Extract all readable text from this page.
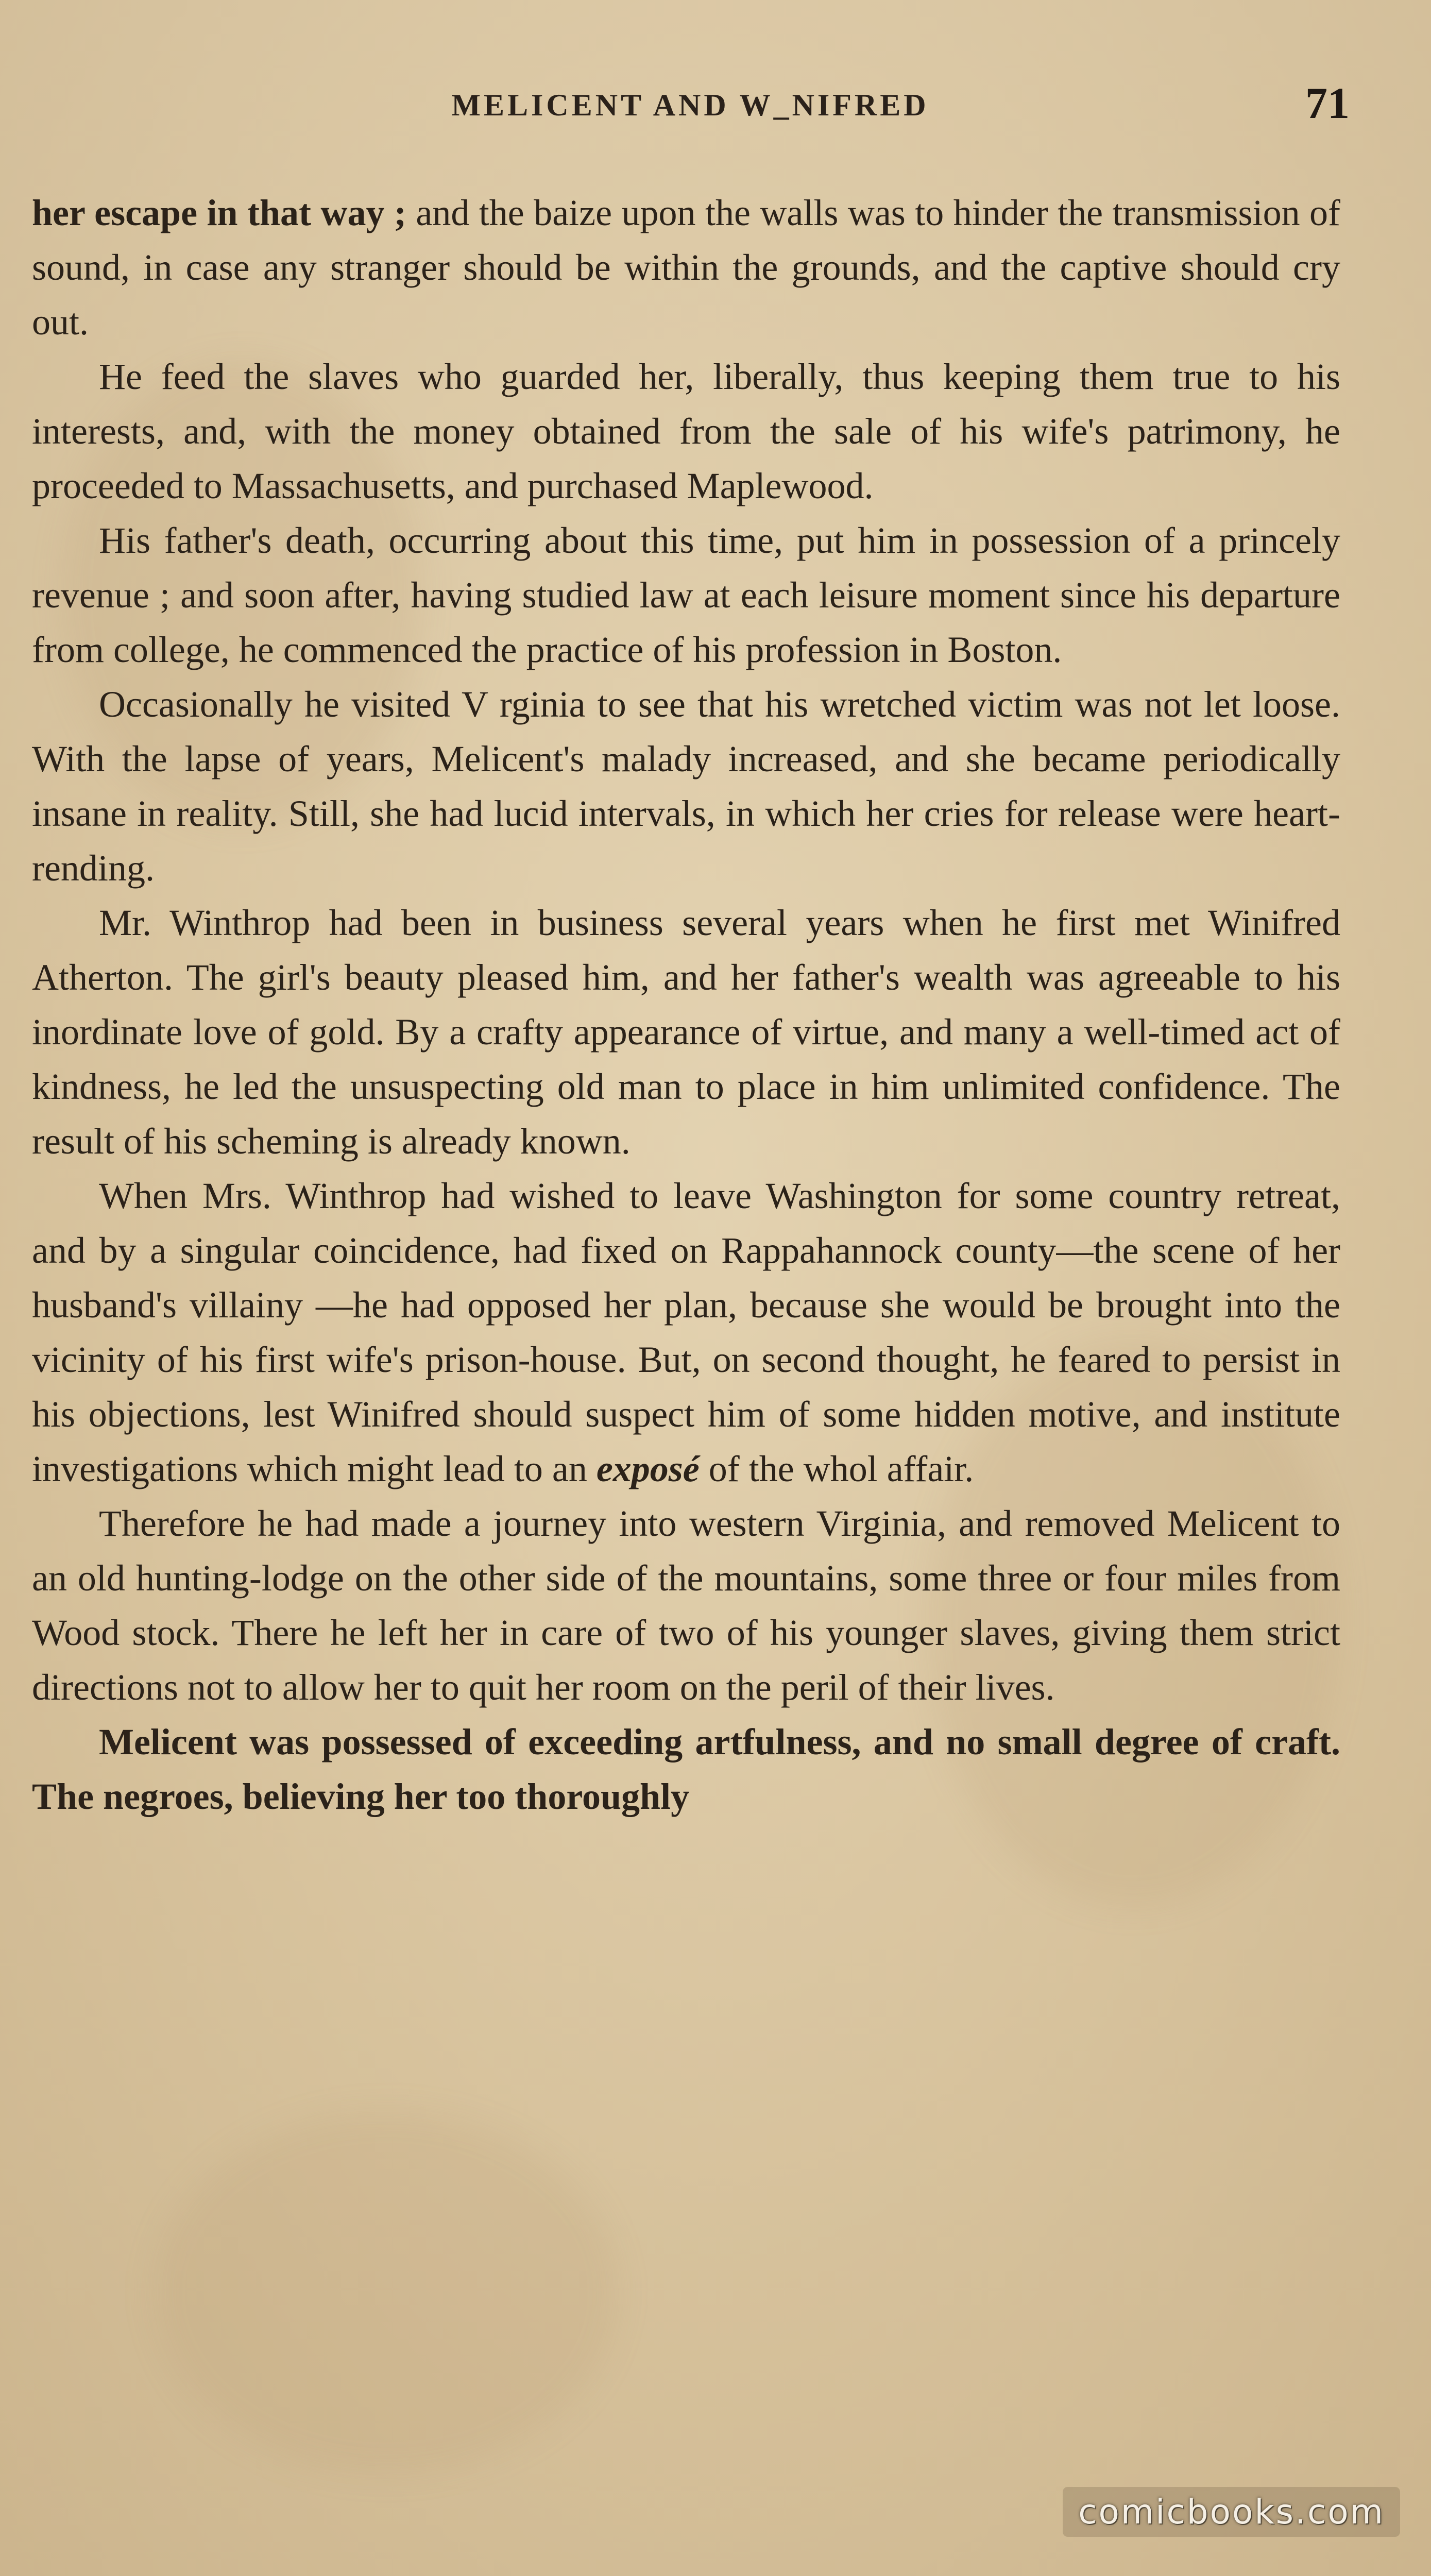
MELICENT AND W_NIFRED	71

her escape in that way ; and the baize upon the walls was to hinder the transmission of sound, in case any stranger should be within the grounds, and the captive should cry out.

He feed the slaves who guarded her, liberally, thus keeping them true to his interests, and, with the money obtained from the sale of his wife's patrimony, he proceeded to Massachusetts, and purchased Maplewood.

His father's death, occurring about this time, put him in possession of a princely revenue ; and soon after, having studied law at each leisure moment since his departure from college, he commenced the practice of his profession in Boston.

Occasionally he visited V rginia to see that his wretched victim was not let loose. With the lapse of years, Melicent's malady increased, and she became periodically insane in reality. Still, she had lucid intervals, in which her cries for release were heart-rending.

Mr. Winthrop had been in business several years when he first met Winifred Atherton. The girl's beauty pleased him, and her father's wealth was agreeable to his inordinate love of gold. By a crafty appearance of virtue, and many a well-timed act of kindness, he led the unsuspecting old man to place in him unlimited confidence. The result of his scheming is already known.

When Mrs. Winthrop had wished to leave Washington for some country retreat, and by a singular coincidence, had fixed on Rappahannock county—the scene of her husband's villainy —he had opposed her plan, because she would be brought into the vicinity of his first wife's prison-house. But, on second thought, he feared to persist in his objections, lest Winifred should suspect him of some hidden motive, and institute investigations which might lead to an exposé of the whol affair.

Therefore he had made a journey into western Virginia, and removed Melicent to an old hunting-lodge on the other side of the mountains, some three or four miles from Wood stock. There he left her in care of two of his younger slaves, giving them strict directions not to allow her to quit her room on the peril of their lives.

Melicent was possessed of exceeding artfulness, and no small degree of craft. The negroes, believing her too thoroughly

comicbooks.com
